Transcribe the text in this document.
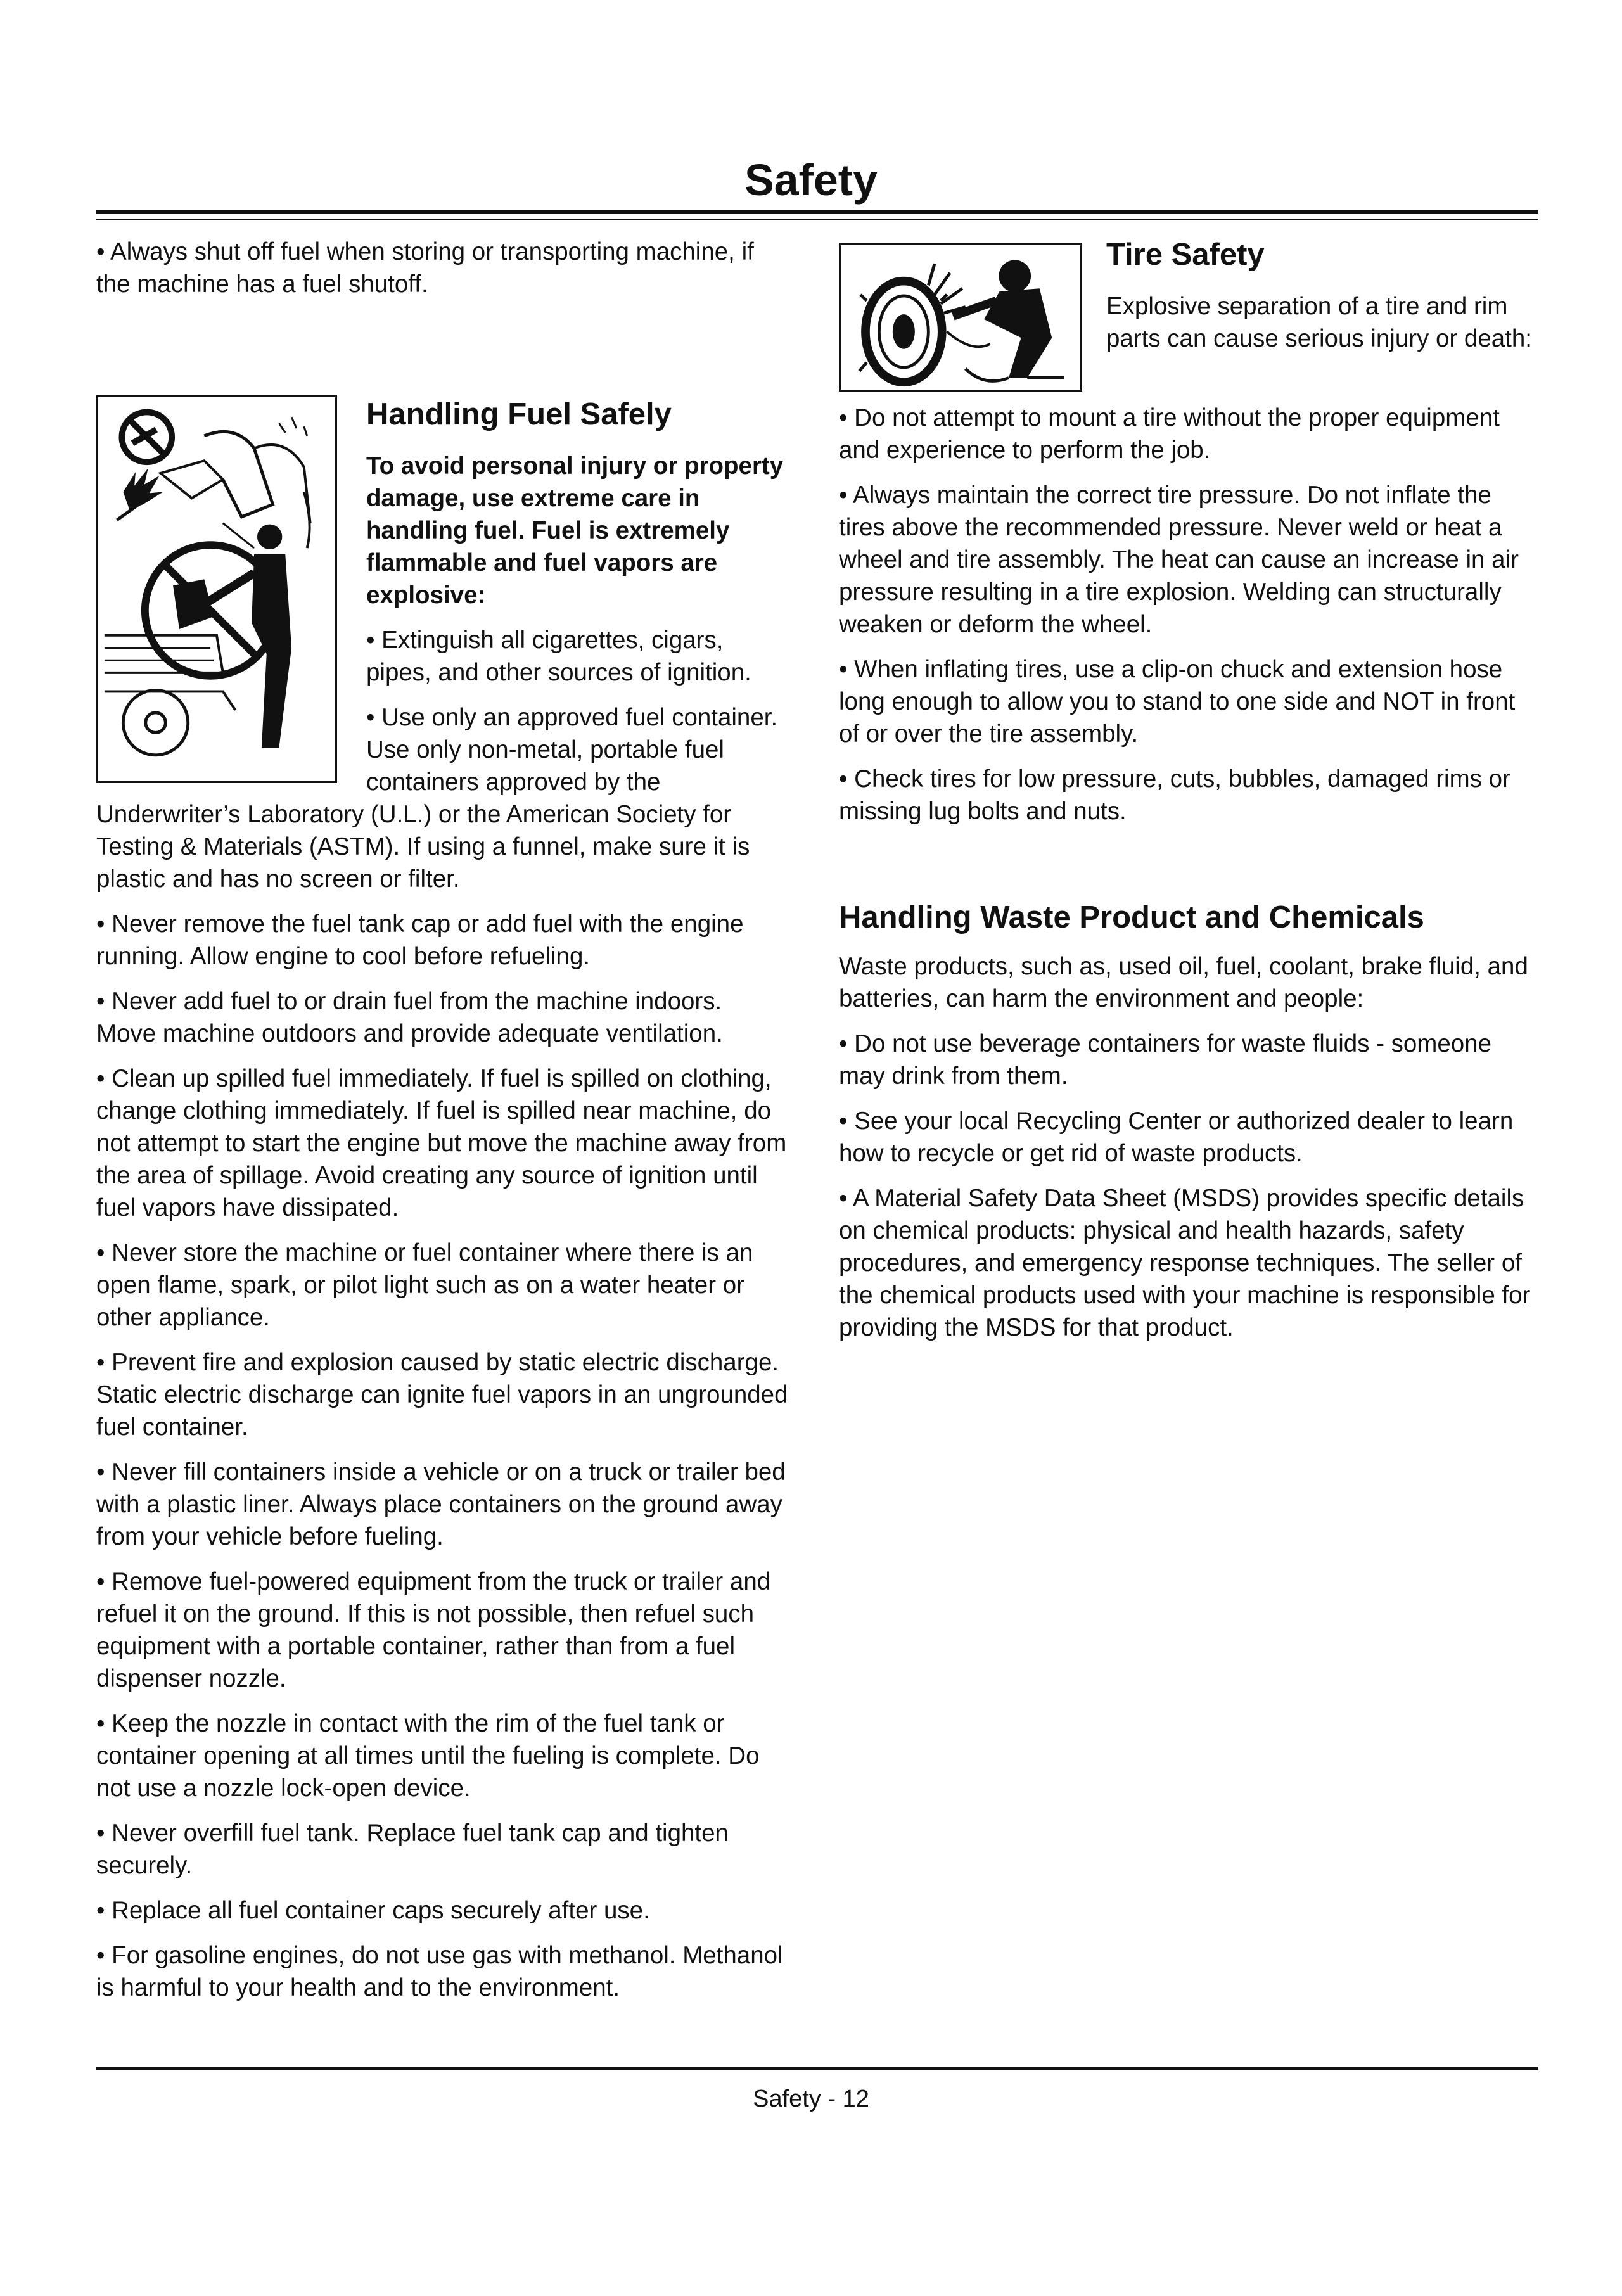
Safety

• Always shut off fuel when storing or transporting machine, if the machine has a fuel shutoff.

Handling Fuel Safely

To avoid personal injury or property damage, use extreme care in handling fuel. Fuel is extremely flammable and fuel vapors are explosive:

• Extinguish all cigarettes, cigars, pipes, and other sources of ignition.

• Use only an approved fuel container. Use only non-metal, portable fuel containers approved by the Underwriter’s Laboratory (U.L.) or the American Society for Testing & Materials (ASTM). If using a funnel, make sure it is plastic and has no screen or filter.

• Never remove the fuel tank cap or add fuel with the engine running. Allow engine to cool before refueling.

• Never add fuel to or drain fuel from the machine indoors. Move machine outdoors and provide adequate ventilation.

• Clean up spilled fuel immediately. If fuel is spilled on clothing, change clothing immediately. If fuel is spilled near machine, do not attempt to start the engine but move the machine away from the area of spillage. Avoid creating any source of ignition until fuel vapors have dissipated.

• Never store the machine or fuel container where there is an open flame, spark, or pilot light such as on a water heater or other appliance.

• Prevent fire and explosion caused by static electric discharge. Static electric discharge can ignite fuel vapors in an ungrounded fuel container.

• Never fill containers inside a vehicle or on a truck or trailer bed with a plastic liner. Always place containers on the ground away from your vehicle before fueling.

• Remove fuel-powered equipment from the truck or trailer and refuel it on the ground. If this is not possible, then refuel such equipment with a portable container, rather than from a fuel dispenser nozzle.

• Keep the nozzle in contact with the rim of the fuel tank or container opening at all times until the fueling is complete. Do not use a nozzle lock-open device.

• Never overfill fuel tank. Replace fuel tank cap and tighten securely.

• Replace all fuel container caps securely after use.

• For gasoline engines, do not use gas with methanol. Methanol is harmful to your health and to the environment.

Tire Safety

Explosive separation of a tire and rim parts can cause serious injury or death:

• Do not attempt to mount a tire without the proper equipment and experience to perform the job.

• Always maintain the correct tire pressure. Do not inflate the tires above the recommended pressure. Never weld or heat a wheel and tire assembly. The heat can cause an increase in air pressure resulting in a tire explosion. Welding can structurally weaken or deform the wheel.

• When inflating tires, use a clip-on chuck and extension hose long enough to allow you to stand to one side and NOT in front of or over the tire assembly.

• Check tires for low pressure, cuts, bubbles, damaged rims or missing lug bolts and nuts.

Handling Waste Product and Chemicals

Waste products, such as, used oil, fuel, coolant, brake fluid, and batteries, can harm the environment and people:

• Do not use beverage containers for waste fluids - someone may drink from them.

• See your local Recycling Center or authorized dealer to learn how to recycle or get rid of waste products.

• A Material Safety Data Sheet (MSDS) provides specific details on chemical products: physical and health hazards, safety procedures, and emergency response techniques. The seller of the chemical products used with your machine is responsible for providing the MSDS for that product.

Safety - 12
